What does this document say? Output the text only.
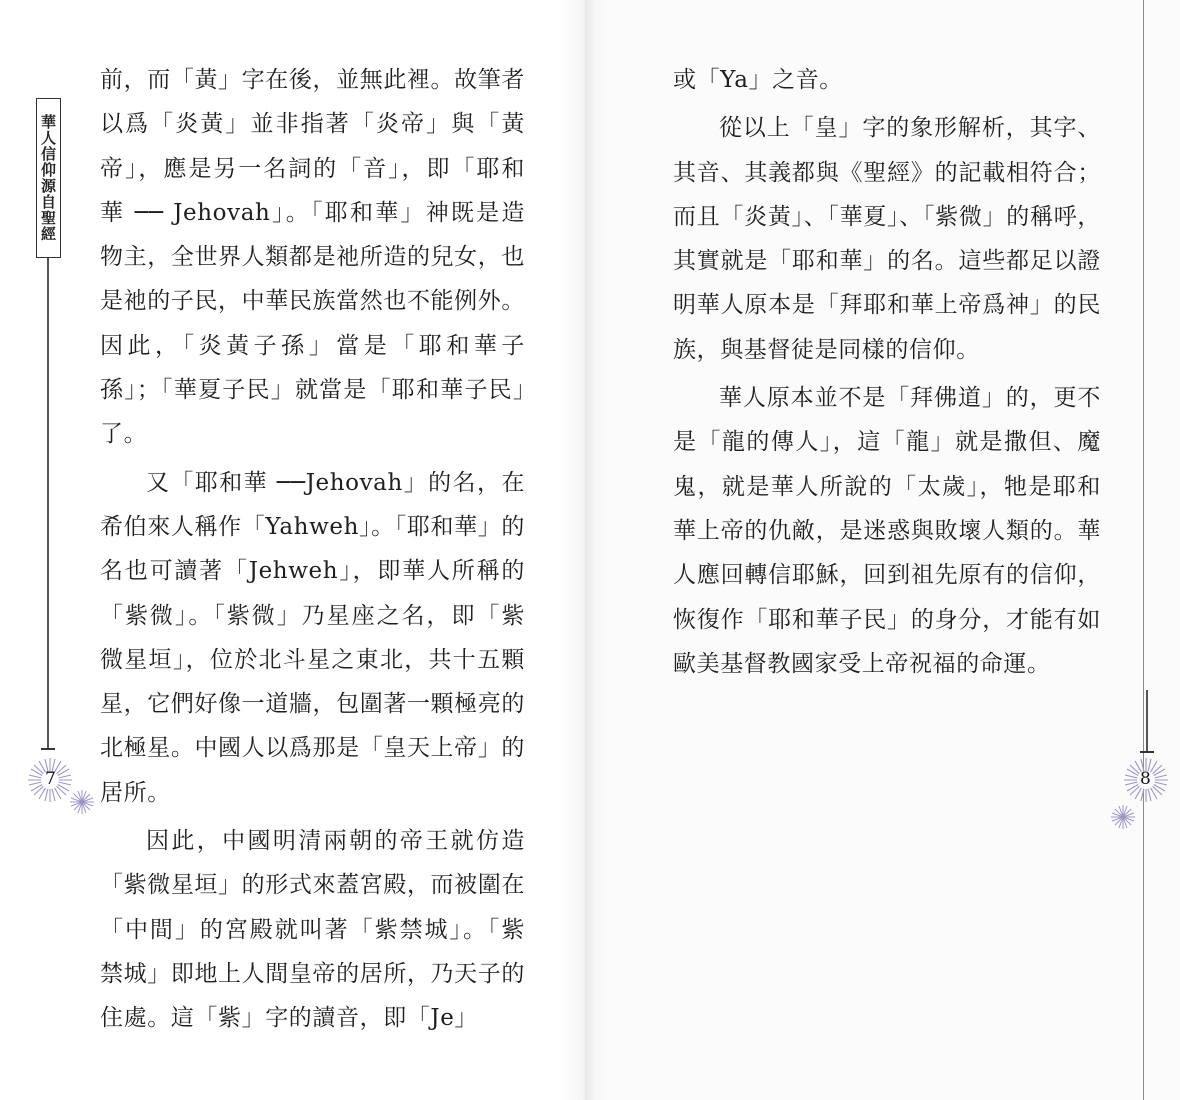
華人信仰源自聖經
7

前，而「黃」字在後，並無此裡。故筆者以爲「炎黃」並非指著「炎帝」與「黃帝」，應是另一名詞的「音」，即「耶和華 ── Jehovah」。「耶和華」神既是造物主，全世界人類都是祂所造的兒女，也是祂的子民，中華民族當然也不能例外。因此，「炎黃子孫」當是「耶和華子孫」；「華夏子民」就當是「耶和華子民」了。

又「耶和華 ──Jehovah」的名，在希伯來人稱作「Yahweh」。「耶和華」的名也可讀著「Jehweh」，即華人所稱的「紫微」。「紫微」乃星座之名，即「紫微星垣」，位於北斗星之東北，共十五顆星，它們好像一道牆，包圍著一顆極亮的北極星。中國人以爲那是「皇天上帝」的居所。

因此，中國明清兩朝的帝王就仿造「紫微星垣」的形式來蓋宮殿，而被圍在「中間」的宮殿就叫著「紫禁城」。「紫禁城」即地上人間皇帝的居所，乃天子的住處。這「紫」字的讀音，即「Je」

8

或「Ya」之音。

從以上「皇」字的象形解析，其字、其音、其義都與《聖經》的記載相符合；而且「炎黃」、「華夏」、「紫微」的稱呼，其實就是「耶和華」的名。這些都足以證明華人原本是「拜耶和華上帝爲神」的民族，與基督徒是同樣的信仰。

華人原本並不是「拜佛道」的，更不是「龍的傳人」，這「龍」就是撒但、魔鬼，就是華人所說的「太歲」，牠是耶和華上帝的仇敵，是迷惑與敗壞人類的。華人應回轉信耶穌，回到祖先原有的信仰，恢復作「耶和華子民」的身分，才能有如歐美基督教國家受上帝祝福的命運。
